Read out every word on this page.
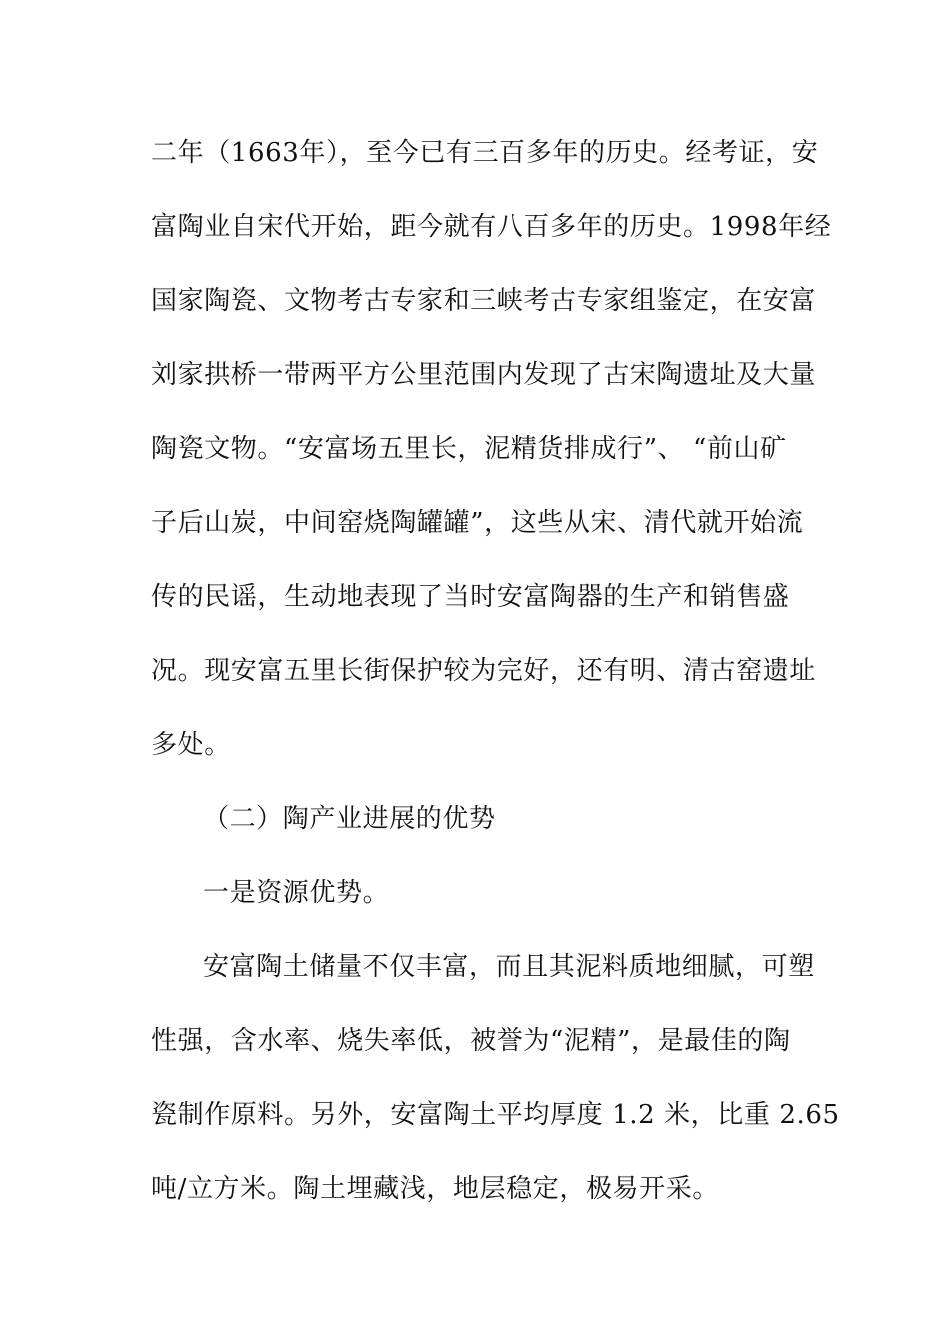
二年（1663年），至今已有三百多年的历史。经考证，安
富陶业自宋代开始，距今就有八百多年的历史。1998年经
国家陶瓷、文物考古专家和三峡考古专家组鉴定，在安富
刘家拱桥一带两平方公里范围内发现了古宋陶遗址及大量
陶瓷文物。“安富场五里长，泥精货排成行”、 “前山矿
子后山炭，中间窑烧陶罐罐”，这些从宋、清代就开始流
传的民谣，生动地表现了当时安富陶器的生产和销售盛
况。现安富五里长街保护较为完好，还有明、清古窑遗址
多处。
（二）陶产业进展的优势
一是资源优势。
安富陶土储量不仅丰富，而且其泥料质地细腻，可塑
性强，含水率、烧失率低，被誉为“泥精”，是最佳的陶
瓷制作原料。另外，安富陶土平均厚度 1.2 米，比重 2.65
吨/立方米。陶土埋藏浅，地层稳定，极易开采。
